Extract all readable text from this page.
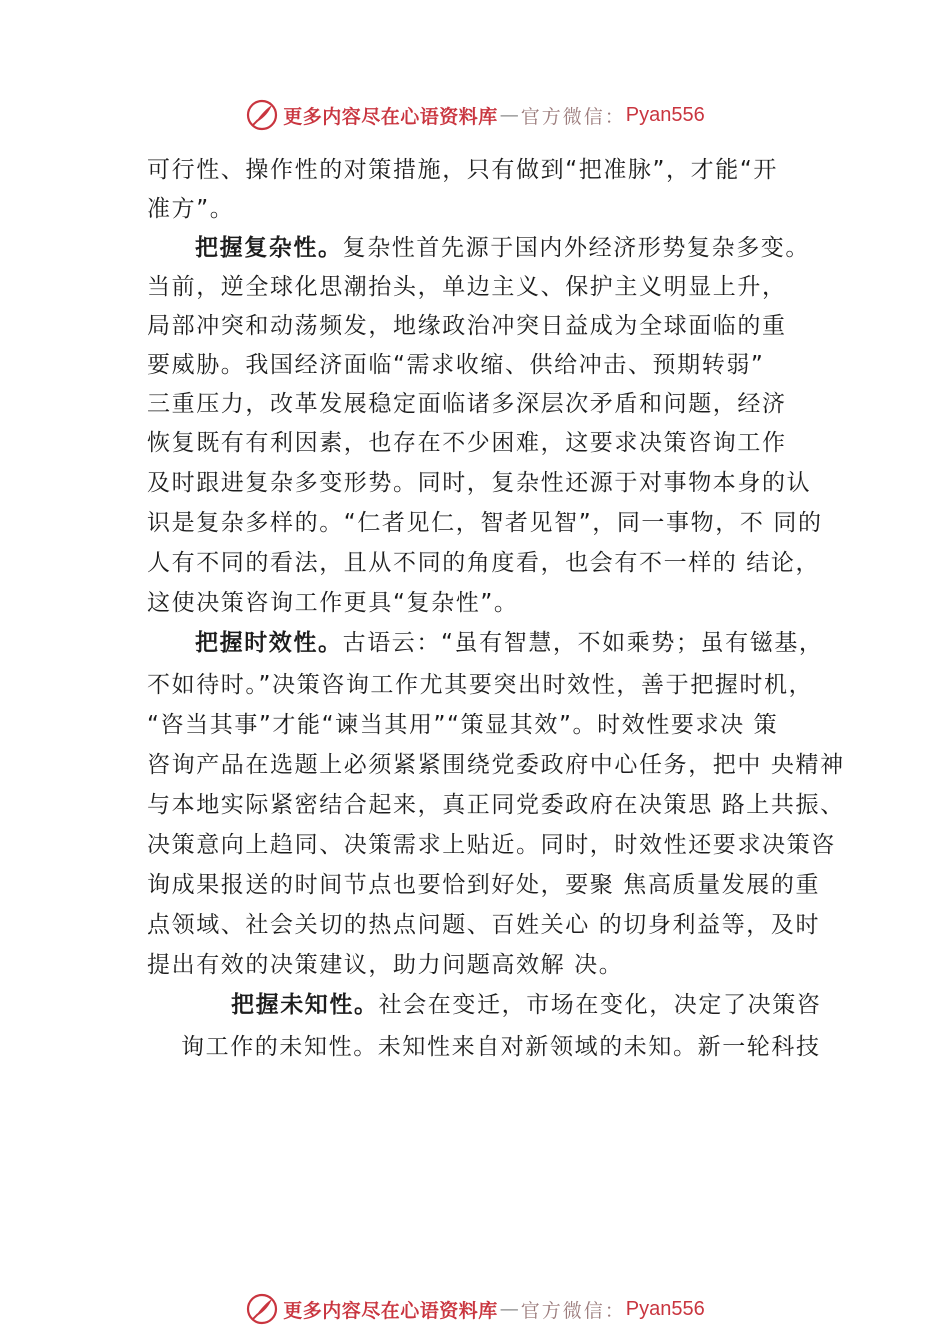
更多内容尽在心语资料库 — 官方微信： Pyan556
可行性、操作性的对策措施，只有做到“把准脉”，才能“开
准方”。
把握复杂性。复杂性首先源于国内外经济形势复杂多变。
当前，逆全球化思潮抬头，单边主义、保护主义明显上升，
局部冲突和动荡频发，地缘政治冲突日益成为全球面临的重
要威胁。我国经济面临“需求收缩、供给冲击、预期转弱”
三重压力，改革发展稳定面临诸多深层次矛盾和问题，经济
恢复既有有利因素，也存在不少困难，这要求决策咨询工作
及时跟进复杂多变形势。同时，复杂性还源于对事物本身的认
识是复杂多样的。“仁者见仁，智者见智”，同一事物，不 同的
人有不同的看法，且从不同的角度看，也会有不一样的 结论，
这使决策咨询工作更具“复杂性”。
把握时效性。古语云：“虽有智慧，不如乘势；虽有镃基，
不如待时。”决策咨询工作尤其要突出时效性，善于把握时机，
“咨当其事”才能“谏当其用”“策显其效”。时效性要求决 策
咨询产品在选题上必须紧紧围绕党委政府中心任务，把中 央精神
与本地实际紧密结合起来，真正同党委政府在决策思 路上共振、
决策意向上趋同、决策需求上贴近。同时，时效性还要求决策咨
询成果报送的时间节点也要恰到好处，要聚 焦高质量发展的重
点领域、社会关切的热点问题、百姓关心 的切身利益等，及时
提出有效的决策建议，助力问题高效解 决。
把握未知性。社会在变迁，市场在变化，决定了决策咨
询工作的未知性。未知性来自对新领域的未知。新一轮科技
更多内容尽在心语资料库 — 官方微信： Pyan556
